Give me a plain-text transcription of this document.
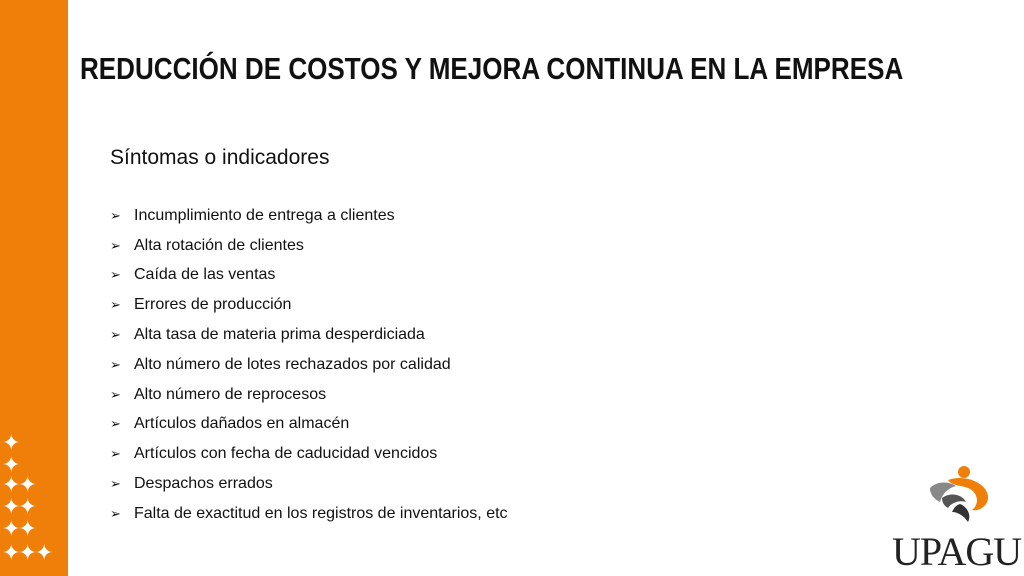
✦
✦
✦✦
✦✦
✦✦
✦✦✦
REDUCCIÓN DE COSTOS Y MEJORA CONTINUA EN LA EMPRESA
Síntomas o indicadores
➢ Incumplimiento de entrega a clientes
➢ Alta rotación de clientes
➢ Caída de las ventas
➢ Errores de producción
➢ Alta tasa de materia prima desperdiciada
➢ Alto número de lotes rechazados por calidad
➢ Alto número de reprocesos
➢ Artículos dañados en almacén
➢ Artículos con fecha de caducidad vencidos
➢ Despachos errados
➢ Falta de exactitud en los registros de inventarios, etc
UPAGU
